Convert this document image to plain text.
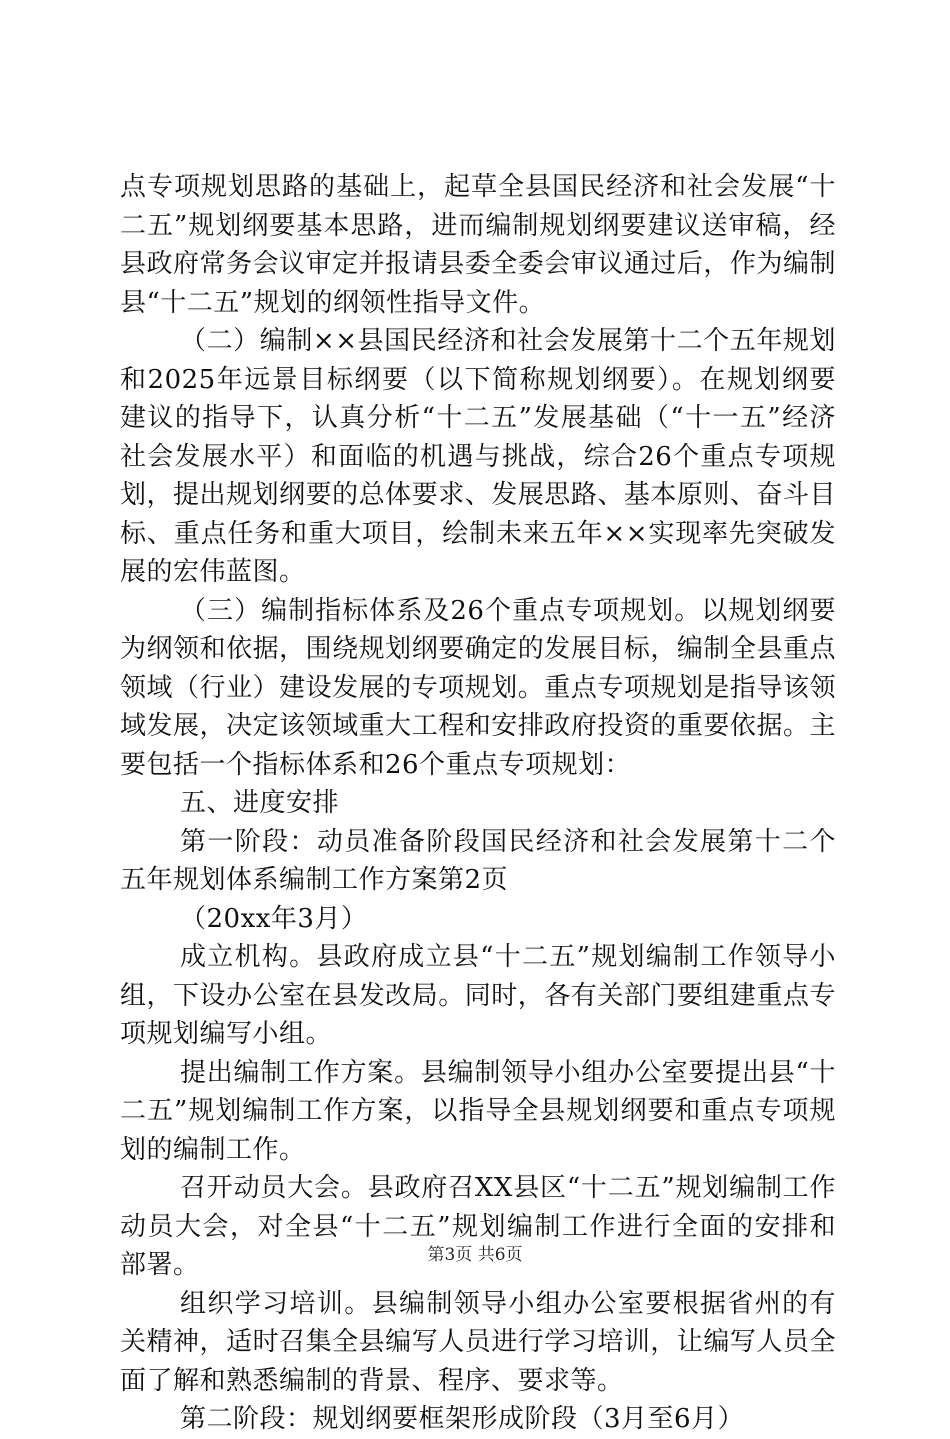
点专项规划思路的基础上，起草全县国民经济和社会发展“十二五”规划纲要基本思路，进而编制规划纲要建议送审稿，经县政府常务会议审定并报请县委全委会审议通过后，作为编制县“十二五”规划的纲领性指导文件。

（二）编制××县国民经济和社会发展第十二个五年规划和2025年远景目标纲要（以下简称规划纲要）。在规划纲要建议的指导下，认真分析“十二五”发展基础（“十一五”经济社会发展水平）和面临的机遇与挑战，综合26个重点专项规划，提出规划纲要的总体要求、发展思路、基本原则、奋斗目标、重点任务和重大项目，绘制未来五年××实现率先突破发展的宏伟蓝图。

（三）编制指标体系及26个重点专项规划。以规划纲要为纲领和依据，围绕规划纲要确定的发展目标，编制全县重点领域（行业）建设发展的专项规划。重点专项规划是指导该领域发展，决定该领域重大工程和安排政府投资的重要依据。主要包括一个指标体系和26个重点专项规划：

五、进度安排

第一阶段：动员准备阶段国民经济和社会发展第十二个五年规划体系编制工作方案第2页

（20xx年3月）

成立机构。县政府成立县“十二五”规划编制工作领导小组，下设办公室在县发改局。同时，各有关部门要组建重点专项规划编写小组。

提出编制工作方案。县编制领导小组办公室要提出县“十二五”规划编制工作方案，以指导全县规划纲要和重点专项规划的编制工作。

召开动员大会。县政府召XX县区“十二五”规划编制工作动员大会，对全县“十二五”规划编制工作进行全面的安排和部署。

组织学习培训。县编制领导小组办公室要根据省州的有关精神，适时召集全县编写人员进行学习培训，让编写人员全面了解和熟悉编制的背景、程序、要求等。

第二阶段：规划纲要框架形成阶段（3月至6月）

第3页 共6页
